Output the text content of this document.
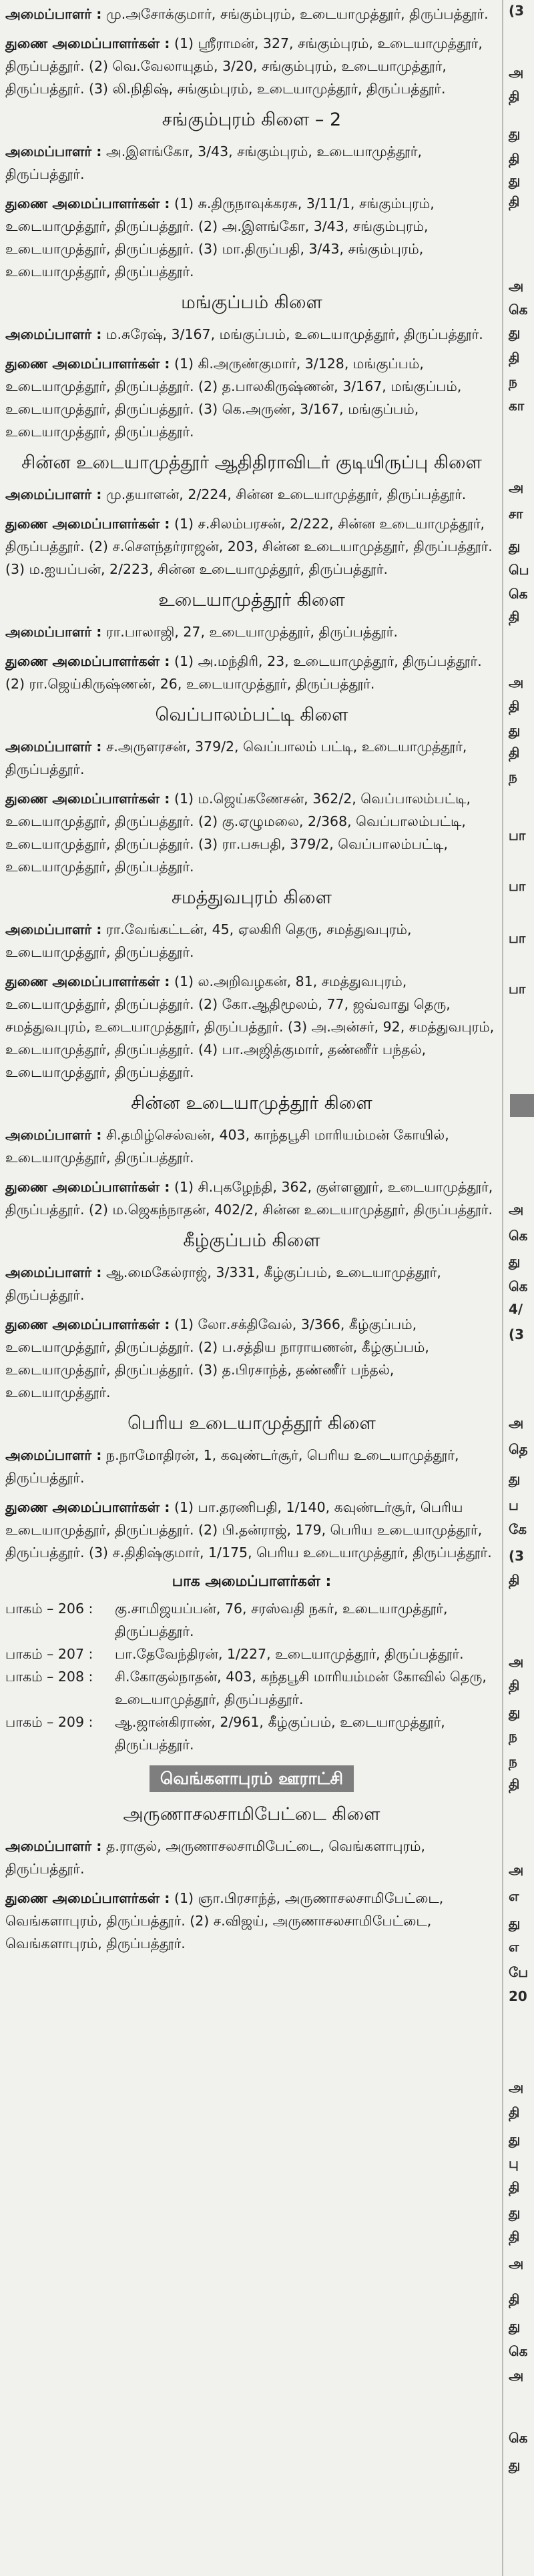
அமைப்பாளர் : மு.அசோக்குமார், சங்கும்புரம், உடையாமுத்தூர், திருப்பத்தூர்.

துணை அமைப்பாளர்கள் : (1) ஸ்ரீராமன், 327, சங்கும்புரம், உடையாமுத்தூர், திருப்பத்தூர். (2) வெ.வேலாயுதம், 3/20, சங்கும்புரம், உடையாமுத்தூர், திருப்பத்தூர். (3) லி.நிதிஷ், சங்கும்புரம், உடையாமுத்தூர், திருப்பத்தூர்.

சங்கும்புரம் கிளை – 2

அமைப்பாளர் : அ.இளங்கோ, 3/43, சங்கும்புரம், உடையாமுத்தூர், திருப்பத்தூர்.

துணை அமைப்பாளர்கள் : (1) சு.திருநாவுக்கரசு, 3/11/1, சங்கும்புரம், உடையாமுத்தூர், திருப்பத்தூர். (2) அ.இளங்கோ, 3/43, சங்கும்புரம், உடையாமுத்தூர், திருப்பத்தூர். (3) மா.திருப்பதி, 3/43, சங்கும்புரம், உடையாமுத்தூர், திருப்பத்தூர்.

மங்குப்பம் கிளை

அமைப்பாளர் : ம.சுரேஷ், 3/167, மங்குப்பம், உடையாமுத்தூர், திருப்பத்தூர்.

துணை அமைப்பாளர்கள் : (1) கி.அருண்குமார், 3/128, மங்குப்பம், உடையாமுத்தூர், திருப்பத்தூர். (2) த.பாலகிருஷ்ணன், 3/167, மங்குப்பம், உடையாமுத்தூர், திருப்பத்தூர். (3) கெ.அருண், 3/167, மங்குப்பம், உடையாமுத்தூர், திருப்பத்தூர்.

சின்ன உடையாமுத்தூர் ஆதிதிராவிடர் குடியிருப்பு கிளை

அமைப்பாளர் : மு.தயாளன், 2/224, சின்ன உடையாமுத்தூர், திருப்பத்தூர்.

துணை அமைப்பாளர்கள் : (1) ச.சிலம்பரசன், 2/222, சின்ன உடையாமுத்தூர், திருப்பத்தூர். (2) ச.செளந்தர்ராஜன், 203, சின்ன உடையாமுத்தூர், திருப்பத்தூர். (3) ம.ஐயப்பன், 2/223, சின்ன உடையாமுத்தூர், திருப்பத்தூர்.

உடையாமுத்தூர் கிளை

அமைப்பாளர் : ரா.பாலாஜி, 27, உடையாமுத்தூர், திருப்பத்தூர்.

துணை அமைப்பாளர்கள் : (1) அ.மந்திரி, 23, உடையாமுத்தூர், திருப்பத்தூர். (2) ரா.ஜெய்கிருஷ்ணன், 26, உடையாமுத்தூர், திருப்பத்தூர்.

வெப்பாலம்பட்டி கிளை

அமைப்பாளர் : ச.அருளரசன், 379/2, வெப்பாலம் பட்டி, உடையாமுத்தூர், திருப்பத்தூர்.

துணை அமைப்பாளர்கள் : (1) ம.ஜெய்கணேசன், 362/2, வெப்பாலம்பட்டி, உடையாமுத்தூர், திருப்பத்தூர். (2) கு.ஏழுமலை, 2/368, வெப்பாலம்பட்டி, உடையாமுத்தூர், திருப்பத்தூர். (3) ரா.பசுபதி, 379/2, வெப்பாலம்பட்டி, உடையாமுத்தூர், திருப்பத்தூர்.

சமத்துவபுரம் கிளை

அமைப்பாளர் : ரா.வேங்கட்டன், 45, ஏலகிரி தெரு, சமத்துவபுரம், உடையாமுத்தூர், திருப்பத்தூர்.

துணை அமைப்பாளர்கள் : (1) ல.அறிவழகன், 81, சமத்துவபுரம், உடையாமுத்தூர், திருப்பத்தூர். (2) கோ.ஆதிமூலம், 77, ஜவ்வாது தெரு, சமத்துவபுரம், உடையாமுத்தூர், திருப்பத்தூர். (3) அ.அன்சர், 92, சமத்துவபுரம், உடையாமுத்தூர், திருப்பத்தூர். (4) பா.அஜித்குமார், தண்ணீர் பந்தல், உடையாமுத்தூர், திருப்பத்தூர்.

சின்ன உடையாமுத்தூர் கிளை

அமைப்பாளர் : சி.தமிழ்செல்வன், 403, காந்தபூசி மாரியம்மன் கோயில், உடையாமுத்தூர், திருப்பத்தூர்.

துணை அமைப்பாளர்கள் : (1) சி.புகழேந்தி, 362, குள்ளனூர், உடையாமுத்தூர், திருப்பத்தூர். (2) ம.ஜெகந்நாதன், 402/2, சின்ன உடையாமுத்தூர், திருப்பத்தூர்.

கீழ்குப்பம் கிளை

அமைப்பாளர் : ஆ.மைகேல்ராஜ், 3/331, கீழ்குப்பம், உடையாமுத்தூர், திருப்பத்தூர்.

துணை அமைப்பாளர்கள் : (1) லோ.சக்திவேல், 3/366, கீழ்குப்பம், உடையாமுத்தூர், திருப்பத்தூர். (2) ப.சத்திய நாராயணன், கீழ்குப்பம், உடையாமுத்தூர், திருப்பத்தூர். (3) த.பிரசாந்த், தண்ணீர் பந்தல், உடையாமுத்தூர்.

பெரிய உடையாமுத்தூர் கிளை

அமைப்பாளர் : ந.நாமோதிரன், 1, கவுண்டர்சூர், பெரிய உடையாமுத்தூர், திருப்பத்தூர்.

துணை அமைப்பாளர்கள் : (1) பா.தரணிபதி, 1/140, கவுண்டர்சூர், பெரிய உடையாமுத்தூர், திருப்பத்தூர். (2) பி.தன்ராஜ், 179, பெரிய உடையாமுத்தூர், திருப்பத்தூர். (3) ச.திதிஷ்குமார், 1/175, பெரிய உடையாமுத்தூர், திருப்பத்தூர்.

பாக அமைப்பாளர்கள் :
பாகம் – 206 :	கு.சாமிஜயப்பன், 76, சரஸ்வதி நகர், உடையாமுத்தூர், திருப்பத்தூர்.
பாகம் – 207 :	பா.தேவேந்திரன், 1/227, உடையாமுத்தூர், திருப்பத்தூர்.
பாகம் – 208 :	சி.கோகுல்நாதன், 403, கந்தபூசி மாரியம்மன் கோவில் தெரு, உடையாமுத்தூர், திருப்பத்தூர்.
பாகம் – 209 :	ஆ.ஜான்கிராண், 2/961, கீழ்குப்பம், உடையாமுத்தூர், திருப்பத்தூர்.
வெங்களாபுரம் ஊராட்சி
அருணாசலசாமிபேட்டை கிளை

அமைப்பாளர் : த.ராகுல், அருணாசலசாமிபேட்டை, வெங்களாபுரம், திருப்பத்தூர்.

துணை அமைப்பாளர்கள் : (1) ஞா.பிரசாந்த், அருணாசலசாமிபேட்டை, வெங்களாபுரம், திருப்பத்தூர். (2) ச.விஜய், அருணாசலசாமிபேட்டை, வெங்களாபுரம், திருப்பத்தூர்.

(3
அ
தி
து
தி
து
தி
அ
கெ
து
தி
ந
கா
அ
சா
து
பெ
கெ
தி
அ
தி
து
தி
ந
பா
பா
பா
பா
அ
கெ
து
கெ
4/
(3
அ
தெ
து
ப
கே
(3
தி
அ
தி
து
ந
ந
தி
அ
எ
து
எ
பே
20
அ
தி
து
பு
தி
து
தி
அ
தி
து
கெ
அ
கெ
து
